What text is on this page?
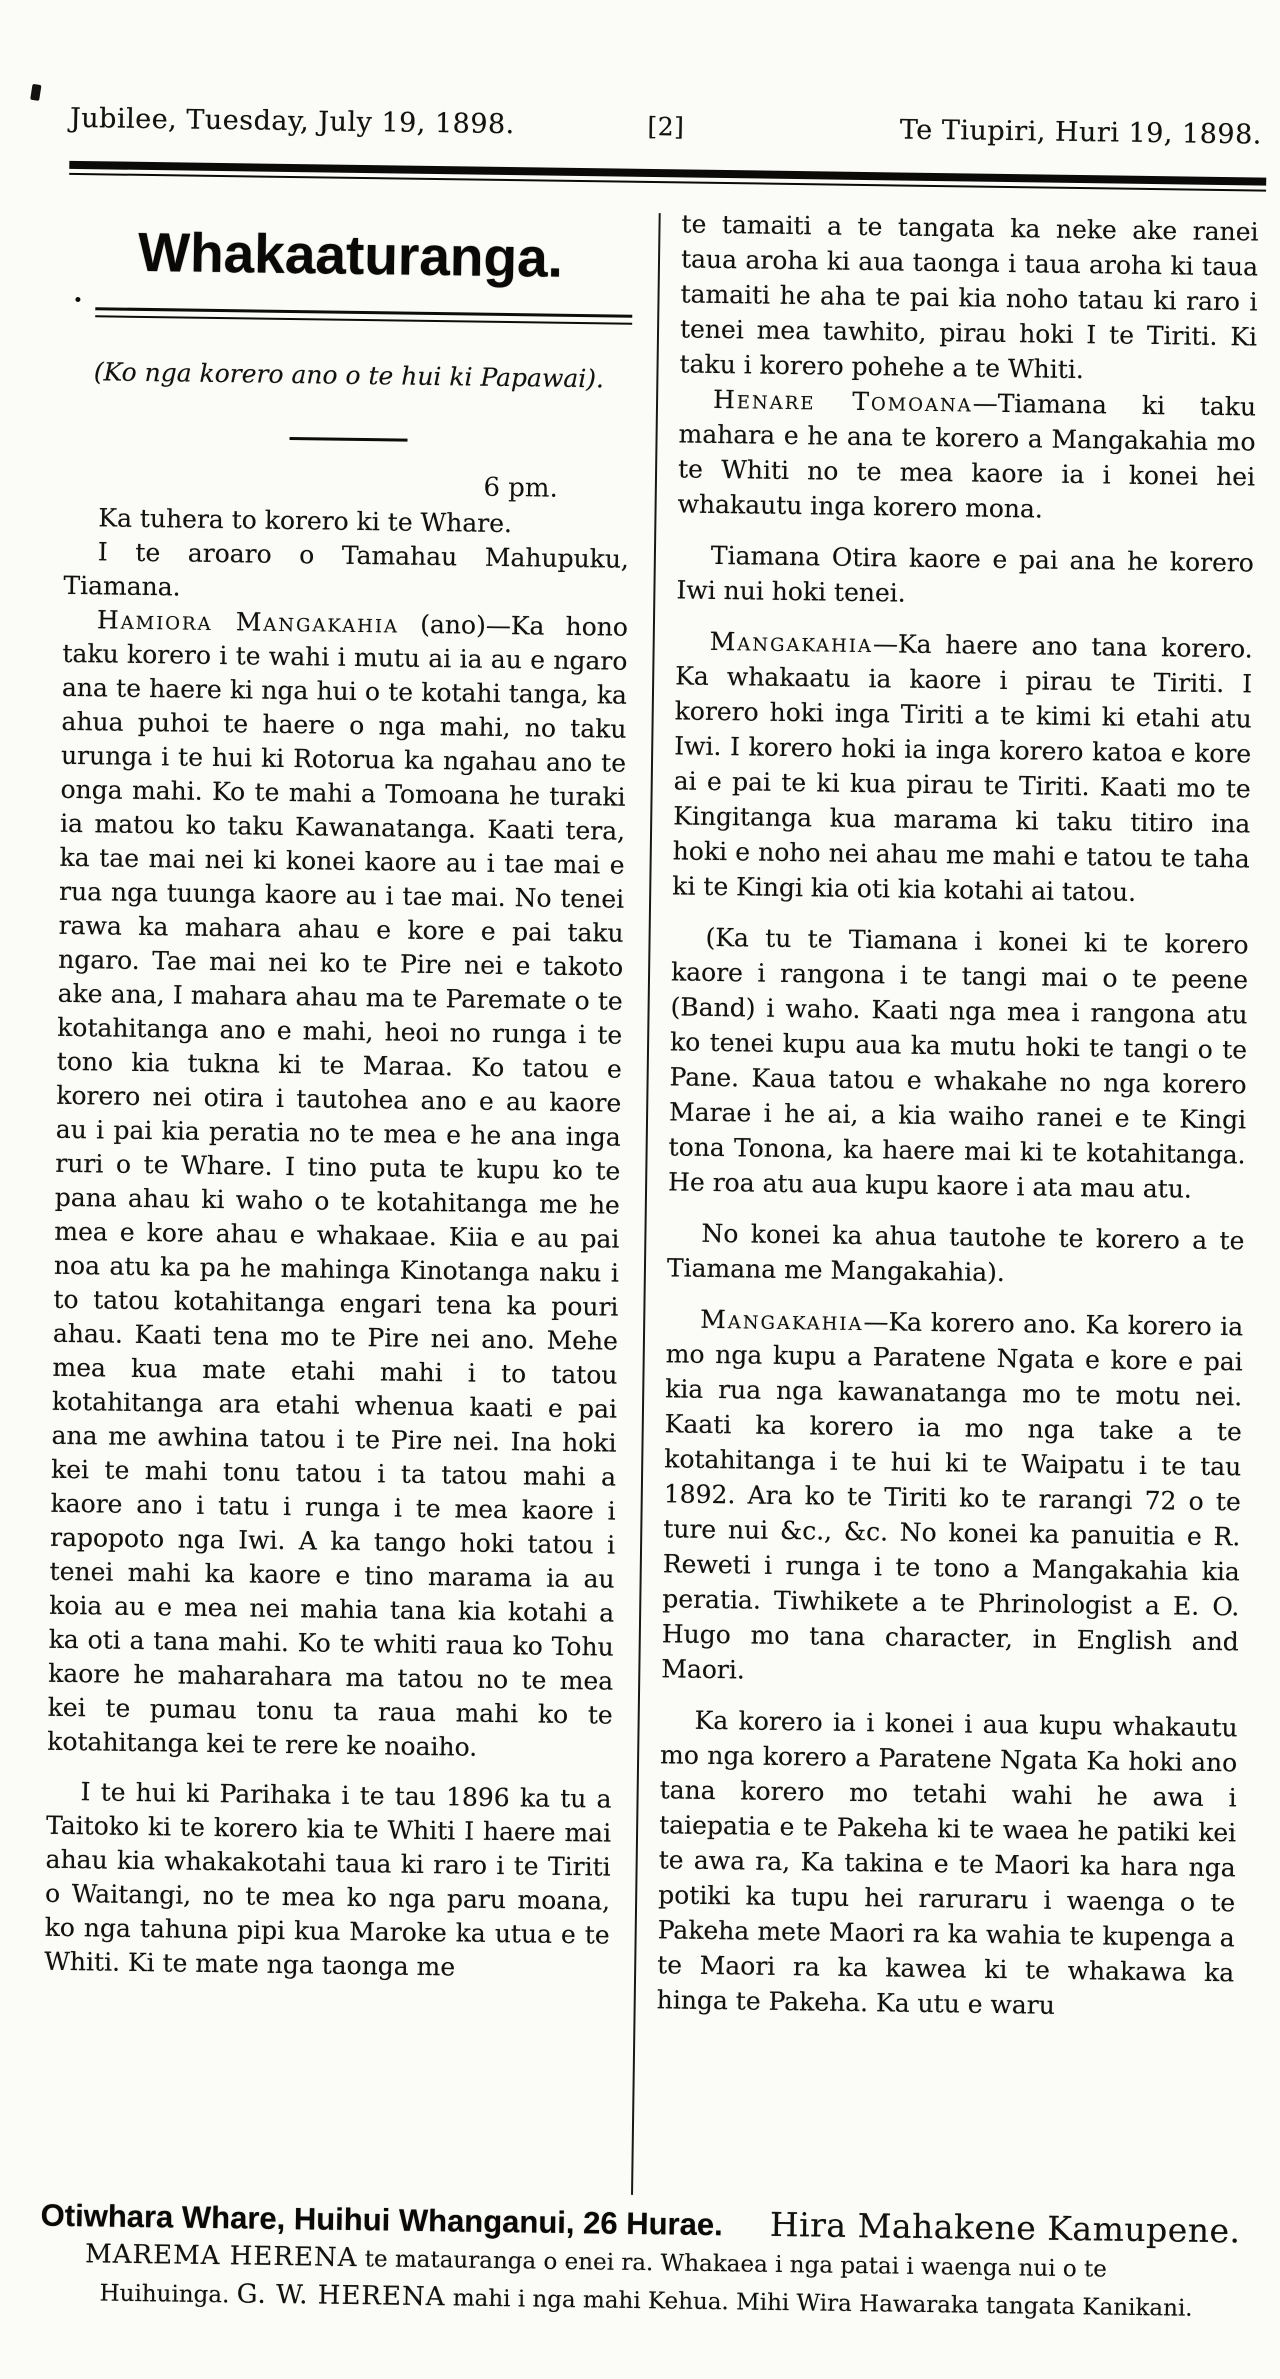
Jubilee, Tuesday, July 19, 1898.	[2]	Te Tiupiri, Huri 19, 1898.
Whakaaturanga.
(Ko nga korero ano o te hui ki Papawai).
6 pm.

Ka tuhera to korero ki te Whare.

I te aroaro o Tamahau Mahupuku, Tiamana.

Hamiora Mangakahia (ano)—Ka hono taku korero i te wahi i mutu ai ia au e ngaro ana te haere ki nga hui o te kotahi tanga, ka ahua puhoi te haere o nga mahi, no taku urunga i te hui ki Rotorua ka ngahau ano te onga mahi. Ko te mahi a Tomoana he turaki ia matou ko taku Kawanatanga. Kaati tera, ka tae mai nei ki konei kaore au i tae mai e rua nga tuunga kaore au i tae mai. No tenei rawa ka mahara ahau e kore e pai taku ngaro. Tae mai nei ko te Pire nei e takoto ake ana, I mahara ahau ma te Paremate o te kotahitanga ano e mahi, heoi no runga i te tono kia tukna ki te Maraa. Ko tatou e korero nei otira i tautohea ano e au kaore au i pai kia peratia no te mea e he ana inga ruri o te Whare. I tino puta te kupu ko te pana ahau ki waho o te kotahitanga me he mea e kore ahau e whakaae. Kiia e au pai noa atu ka pa he mahinga Kinotanga naku i to tatou kotahitanga engari tena ka pouri ahau. Kaati tena mo te Pire nei ano. Mehe mea kua mate etahi mahi i to tatou kotahitanga ara etahi whenua kaati e pai ana me awhina tatou i te Pire nei. Ina hoki kei te mahi tonu tatou i ta tatou mahi a kaore ano i tatu i runga i te mea kaore i rapopoto nga Iwi. A ka tango hoki tatou i tenei mahi ka kaore e tino marama ia au koia au e mea nei mahia tana kia kotahi a ka oti a tana mahi. Ko te whiti raua ko Tohu kaore he maharahara ma tatou no te mea kei te pumau tonu ta raua mahi ko te kotahitanga kei te rere ke noaiho.

I te hui ki Parihaka i te tau 1896 ka tu a Taitoko ki te korero kia te Whiti I haere mai ahau kia whakakotahi taua ki raro i te Tiriti o Waitangi, no te mea ko nga paru moana, ko nga tahuna pipi kua Maroke ka utua e te Whiti. Ki te mate nga taonga me

te tamaiti a te tangata ka neke ake ranei taua aroha ki aua taonga i taua aroha ki taua tamaiti he aha te pai kia noho tatau ki raro i tenei mea tawhito, pirau hoki I te Tiriti. Ki taku i korero pohehe a te Whiti.

Henare Tomoana—Tiamana ki taku mahara e he ana te korero a Mangakahia mo te Whiti no te mea kaore ia i konei hei whakautu inga korero mona.

Tiamana Otira kaore e pai ana he korero Iwi nui hoki tenei.

Mangakahia—Ka haere ano tana korero. Ka whakaatu ia kaore i pirau te Tiriti. I korero hoki inga Tiriti a te kimi ki etahi atu Iwi. I korero hoki ia inga korero katoa e kore ai e pai te ki kua pirau te Tiriti. Kaati mo te Kingitanga kua marama ki taku titiro ina hoki e noho nei ahau me mahi e tatou te taha ki te Kingi kia oti kia kotahi ai tatou.

(Ka tu te Tiamana i konei ki te korero kaore i rangona i te tangi mai o te peene (Band) i waho. Kaati nga mea i rangona atu ko tenei kupu aua ka mutu hoki te tangi o te Pane. Kaua tatou e whakahe no nga korero Marae i he ai, a kia waiho ranei e te Kingi tona Tonona, ka haere mai ki te kotahitanga. He roa atu aua kupu kaore i ata mau atu.

No konei ka ahua tautohe te korero a te Tiamana me Mangakahia).

Mangakahia—Ka korero ano. Ka korero ia mo nga kupu a Paratene Ngata e kore e pai kia rua nga kawanatanga mo te motu nei. Kaati ka korero ia mo nga take a te kotahitanga i te hui ki te Waipatu i te tau 1892. Ara ko te Tiriti ko te rarangi 72 o te ture nui &c., &c. No konei ka panuitia e R. Reweti i runga i te tono a Mangakahia kia peratia. Tiwhikete a te Phrinologist a E. O. Hugo mo tana character, in English and Maori.

Ka korero ia i konei i aua kupu whakautu mo nga korero a Paratene Ngata Ka hoki ano tana korero mo tetahi wahi he awa i taiepatia e te Pakeha ki te waea he patiki kei te awa ra, Ka takina e te Maori ka hara nga potiki ka tupu hei raruraru i waenga o te Pakeha mete Maori ra ka wahia te kupenga a te Maori ra ka kawea ki te whakawa ka hinga te Pakeha. Ka utu e waru

Otiwhara Whare, Huihui Whanganui, 26 Hurae. Hira Mahakene Kamupene.
MAREMA HERENA te matauranga o enei ra. Whakaea i nga patai i waenga nui o te
Huihuinga. G. W. HERENA mahi i nga mahi Kehua. Mihi Wira Hawaraka tangata Kanikani.
